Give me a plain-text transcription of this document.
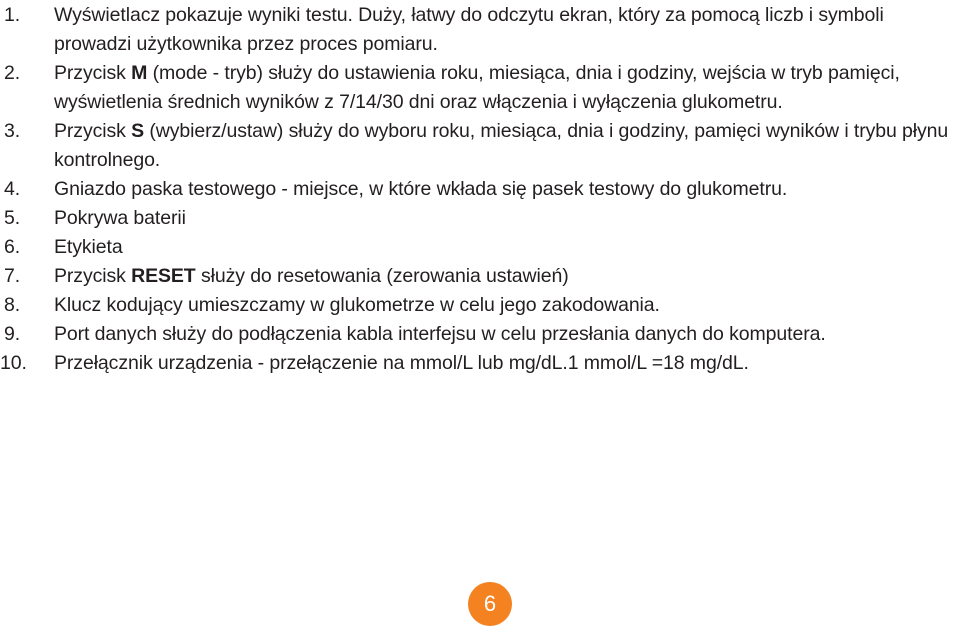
1.	Wyświetlacz pokazuje wyniki testu. Duży, łatwy do odczytu ekran, który za pomocą liczb i symboli prowadzi użytkownika przez proces pomiaru.
2.	Przycisk M (mode - tryb) służy do ustawienia roku, miesiąca, dnia i godziny, wejścia w tryb pamięci, wyświetlenia średnich wyników z 7/14/30 dni oraz włączenia i wyłączenia glukometru.
3.	Przycisk S (wybierz/ustaw) służy do wyboru roku, miesiąca, dnia i godziny, pamięci wyników i trybu płynu kontrolnego.
4.	Gniazdo paska testowego - miejsce, w które wkłada się pasek testowy do glukometru.
5.	Pokrywa baterii
6.	Etykieta
7.	Przycisk RESET służy do resetowania (zerowania ustawień)
8.	Klucz kodujący umieszczamy w glukometrze w celu jego zakodowania.
9.	Port danych służy do podłączenia kabla interfejsu w celu przesłania danych do komputera.
10.	Przełącznik urządzenia - przełączenie na mmol/L lub mg/dL.1 mmol/L =18 mg/dL.
6
